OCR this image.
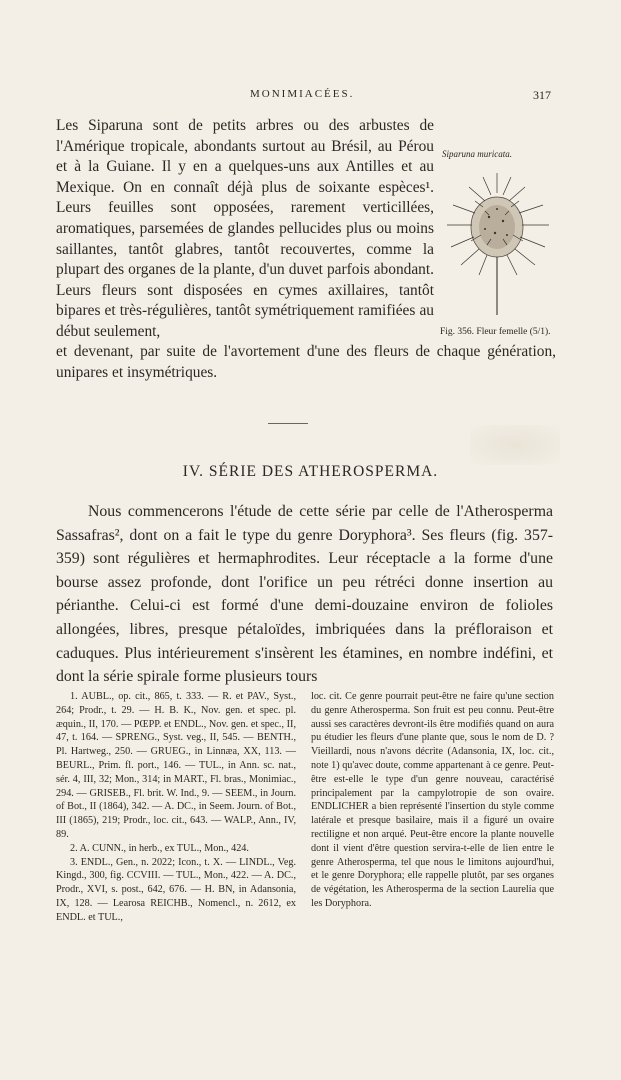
MONIMIACÉES.	317

Les Siparuna sont de petits arbres ou des arbustes de l'Amérique tropicale, abondants surtout au Brésil, au Pérou et à la Guiane. Il y en a quelques-uns aux Antilles et au Mexique. On en connaît déjà plus de soixante espèces¹. Leurs feuilles sont opposées, rarement verticillées, aromatiques, parsemées de glandes pellucides plus ou moins saillantes, tantôt glabres, tantôt recouvertes, comme la plupart des organes de la plante, d'un duvet parfois abondant. Leurs fleurs sont disposées en cymes axillaires, tantôt bipares et très-régulières, tantôt symétriquement ramifiées au début seulement,

et devenant, par suite de l'avortement d'une des fleurs de chaque génération, unipares et insymétriques.

Siparuna muricata.
Fig. 356. Fleur femelle (5/1).
IV. SÉRIE DES ATHEROSPERMA.

Nous commencerons l'étude de cette série par celle de l'Atherosperma Sassafras², dont on a fait le type du genre Doryphora³. Ses fleurs (fig. 357-359) sont régulières et hermaphrodites. Leur réceptacle a la forme d'une bourse assez profonde, dont l'orifice un peu rétréci donne insertion au périanthe. Celui-ci est formé d'une demi-douzaine environ de folioles allongées, libres, presque pétaloïdes, imbriquées dans la préfloraison et caduques. Plus intérieurement s'insèrent les étamines, en nombre indéfini, et dont la série spirale forme plusieurs tours

1. AUBL., op. cit., 865, t. 333. — R. et PAV., Syst., 264; Prodr., t. 29. — H. B. K., Nov. gen. et spec. pl. æquin., II, 170. — PŒPP. et ENDL., Nov. gen. et spec., II, 47, t. 164. — SPRENG., Syst. veg., II, 545. — BENTH., Pl. Hartweg., 250. — GRUEG., in Linnæa, XX, 113. — BEURL., Prim. fl. port., 146. — TUL., in Ann. sc. nat., sér. 4, III, 32; Mon., 314; in MART., Fl. bras., Monimiac., 294. — GRISEB., Fl. brit. W. Ind., 9. — SEEM., in Journ. of Bot., II (1864), 342. — A. DC., in Seem. Journ. of Bot., III (1865), 219; Prodr., loc. cit., 643. — WALP., Ann., IV, 89.

2. A. CUNN., in herb., ex TUL., Mon., 424.

3. ENDL., Gen., n. 2022; Icon., t. X. — LINDL., Veg. Kingd., 300, fig. CCVIII. — TUL., Mon., 422. — A. DC., Prodr., XVI, s. post., 642, 676. — H. BN, in Adansonia, IX, 128. — Learosa REICHB., Nomencl., n. 2612, ex ENDL. et TUL.,

loc. cit. Ce genre pourrait peut-être ne faire qu'une section du genre Atherosperma. Son fruit est peu connu. Peut-être aussi ses caractères devront-ils être modifiés quand on aura pu étudier les fleurs d'une plante que, sous le nom de D. ? Vieillardi, nous n'avons décrite (Adansonia, IX, loc. cit., note 1) qu'avec doute, comme appartenant à ce genre. Peut-être est-elle le type d'un genre nouveau, caractérisé principalement par la campylotropie de son ovaire. ENDLICHER a bien représenté l'insertion du style comme latérale et presque basilaire, mais il a figuré un ovaire rectiligne et non arqué. Peut-être encore la plante nouvelle dont il vient d'être question servira-t-elle de lien entre le genre Atherosperma, tel que nous le limitons aujourd'hui, et le genre Doryphora; elle rappelle plutôt, par ses organes de végétation, les Atherosperma de la section Laurelia que les Doryphora.
